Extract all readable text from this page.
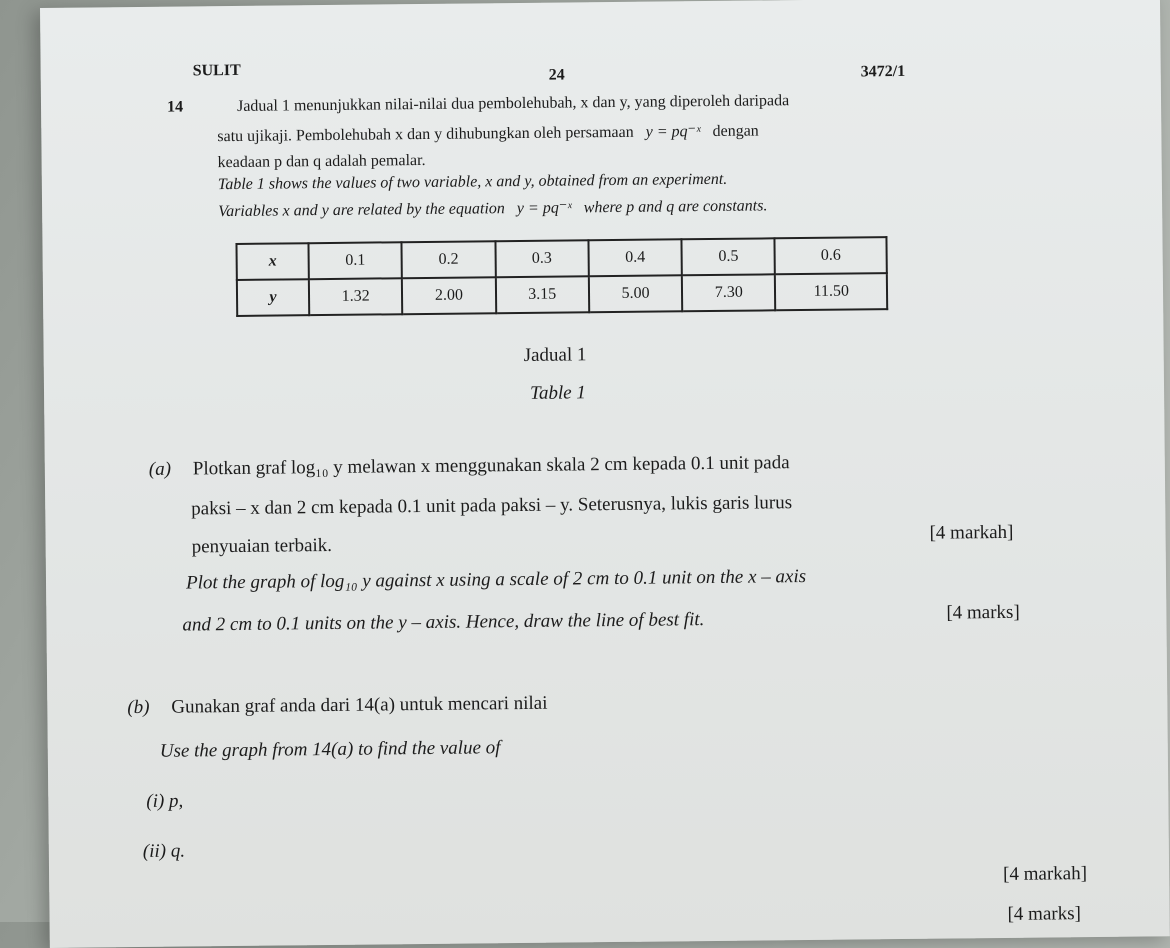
SULIT	24	3472/1
14	Jadual 1 menunjukkan nilai-nilai dua pembolehubah, x dan y, yang diperoleh daripada
satu ujikaji. Pembolehubah x dan y dihubungkan oleh persamaan y = pq⁻ˣ dengan
keadaan p dan q adalah pemalar.
Table 1 shows the values of two variable, x and y, obtained from an experiment.
Variables x and y are related by the equation y = pq⁻ˣ where p and q are constants.
x	0.1	0.2	0.3	0.4	0.5	0.6
y	1.32	2.00	3.15	5.00	7.30	11.50
Jadual 1
Table 1
(a) Plotkan graf log₁₀ y melawan x menggunakan skala 2 cm kepada 0.1 unit pada
paksi – x dan 2 cm kepada 0.1 unit pada paksi – y. Seterusnya, lukis garis lurus
penyuaian terbaik.
[4 markah]
Plot the graph of log₁₀ y against x using a scale of 2 cm to 0.1 unit on the x – axis
and 2 cm to 0.1 units on the y – axis. Hence, draw the line of best fit.	[4 marks]
(b) Gunakan graf anda dari 14(a) untuk mencari nilai
Use the graph from 14(a) to find the value of
(i) p,
(ii) q.
[4 markah]
[4 marks]
